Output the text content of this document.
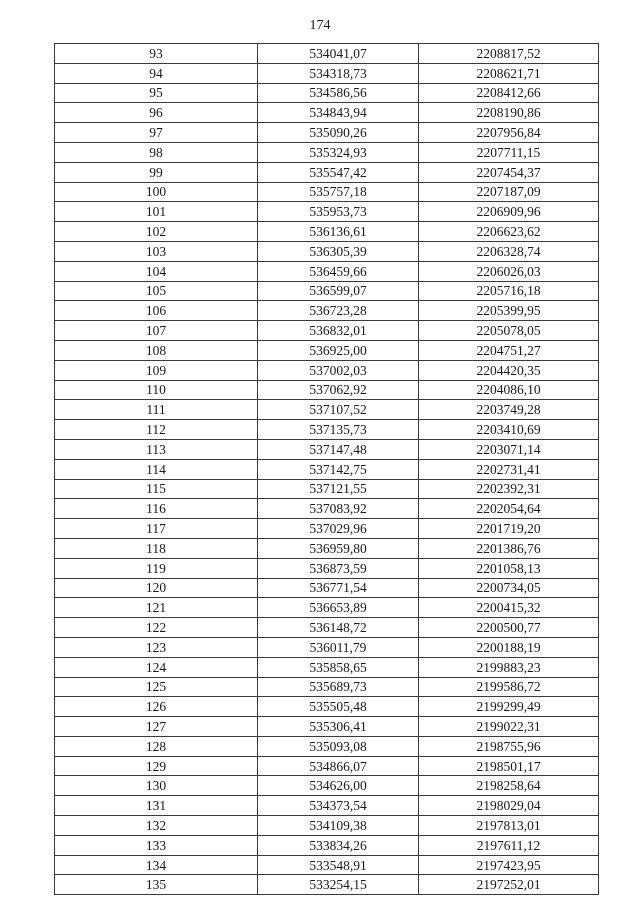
174
93	534041,07	2208817,52
94	534318,73	2208621,71
95	534586,56	2208412,66
96	534843,94	2208190,86
97	535090,26	2207956,84
98	535324,93	2207711,15
99	535547,42	2207454,37
100	535757,18	2207187,09
101	535953,73	2206909,96
102	536136,61	2206623,62
103	536305,39	2206328,74
104	536459,66	2206026,03
105	536599,07	2205716,18
106	536723,28	2205399,95
107	536832,01	2205078,05
108	536925,00	2204751,27
109	537002,03	2204420,35
110	537062,92	2204086,10
111	537107,52	2203749,28
112	537135,73	2203410,69
113	537147,48	2203071,14
114	537142,75	2202731,41
115	537121,55	2202392,31
116	537083,92	2202054,64
117	537029,96	2201719,20
118	536959,80	2201386,76
119	536873,59	2201058,13
120	536771,54	2200734,05
121	536653,89	2200415,32
122	536148,72	2200500,77
123	536011,79	2200188,19
124	535858,65	2199883,23
125	535689,73	2199586,72
126	535505,48	2199299,49
127	535306,41	2199022,31
128	535093,08	2198755,96
129	534866,07	2198501,17
130	534626,00	2198258,64
131	534373,54	2198029,04
132	534109,38	2197813,01
133	533834,26	2197611,12
134	533548,91	2197423,95
135	533254,15	2197252,01
